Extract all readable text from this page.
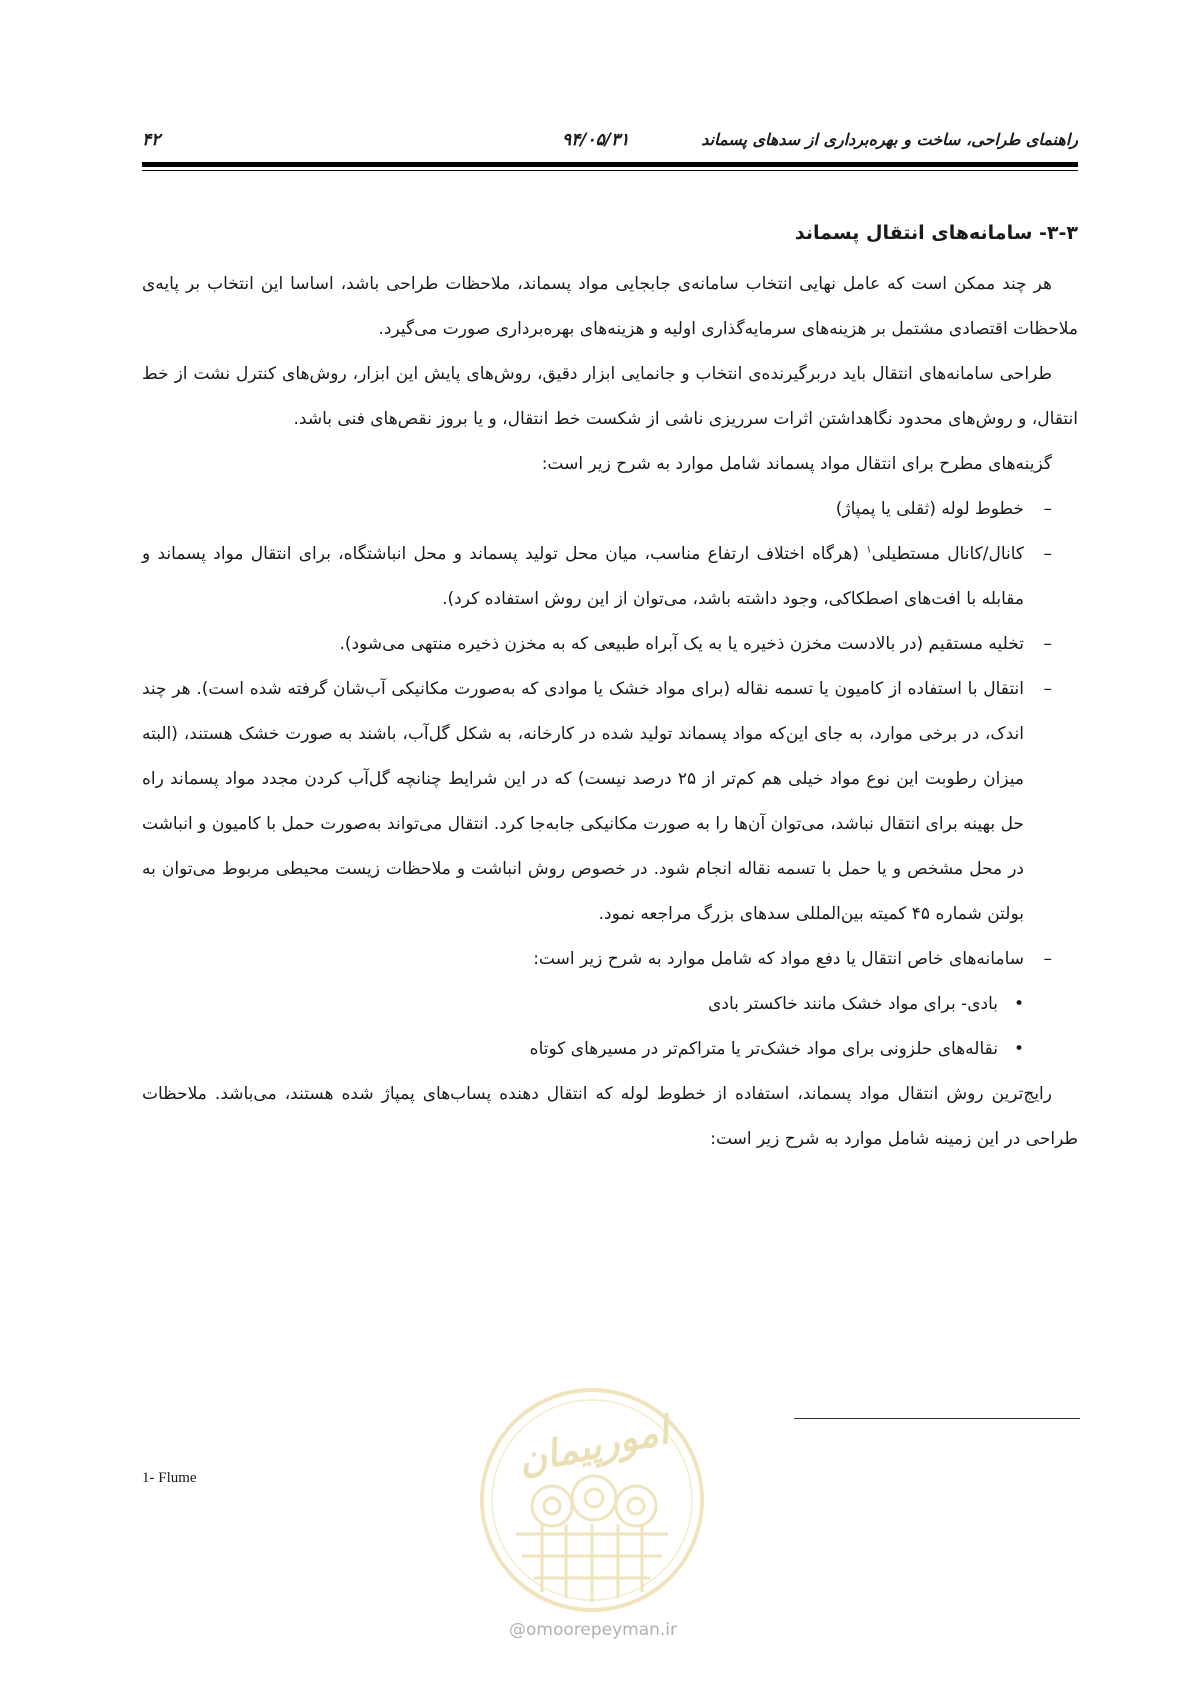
۴۲	۹۴/۰۵/۳۱	راهنمای طراحی، ساخت و بهره‌برداری از سدهای پسماند
۳-۳- سامانه‌های انتقال پسماند

هر چند ممکن است که عامل نهایی انتخاب سامانه‌ی جابجایی مواد پسماند، ملاحظات طراحی باشد، اساسا این انتخاب بر پایه‌ی ملاحظات اقتصادی مشتمل بر هزینه‌های سرمایه‌گذاری اولیه و هزینه‌های بهره‌برداری صورت می‌گیرد.

طراحی سامانه‌های انتقال باید دربرگیرنده‌ی انتخاب و جانمایی ابزار دقیق، روش‌های پایش این ابزار، روش‌های کنترل نشت از خط انتقال، و روش‌های محدود نگاهداشتن اثرات سرریزی ناشی از شکست خط انتقال، و یا بروز نقص‌های فنی باشد.

گزینه‌های مطرح برای انتقال مواد پسماند شامل موارد به شرح زیر است:

–
خطوط لوله (ثقلی یا پمپاژ)
–
کانال/کانال مستطیلی$^۱$ (هرگاه اختلاف ارتفاع مناسب، میان محل تولید پسماند و محل انباشتگاه، برای انتقال مواد پسماند و مقابله با افت‌های اصطکاکی، وجود داشته باشد، می‌توان از این روش استفاده کرد).
–
تخلیه مستقیم (در بالادست مخزن ذخیره یا به یک آبراه طبیعی که به مخزن ذخیره منتهی می‌شود).
–
انتقال با استفاده از کامیون یا تسمه نقاله (برای مواد خشک یا موادی که به‌صورت مکانیکی آب‌شان گرفته شده است). هر چند اندک، در برخی موارد، به جای این‌که مواد پسماند تولید شده در کارخانه، به شکل گل‌آب، باشند به صورت خشک هستند، (البته میزان رطوبت این نوع مواد خیلی هم کم‌تر از ۲۵ درصد نیست) که در این شرایط چنانچه گل‌آب کردن مجدد مواد پسماند راه حل بهینه برای انتقال نباشد، می‌توان آن‌ها را به صورت مکانیکی جابه‌جا کرد. انتقال می‌تواند به‌صورت حمل با کامیون و انباشت در محل مشخص و یا حمل با تسمه نقاله انجام شود. در خصوص روش انباشت و ملاحظات زیست محیطی مربوط می‌توان به بولتن شماره ۴۵ کمیته بین‌المللی سدهای بزرگ مراجعه نمود.
–
سامانه‌های خاص انتقال یا دفع مواد که شامل موارد به شرح زیر است:
•
بادی- برای مواد خشک مانند خاکستر بادی
•
نقاله‌های حلزونی برای مواد خشک‌تر یا متراکم‌تر در مسیرهای کوتاه

رایج‌ترین روش انتقال مواد پسماند، استفاده از خطوط لوله که انتقال دهنده پساب‌های پمپاژ شده هستند، می‌باشد. ملاحظات طراحی در این زمینه شامل موارد به شرح زیر است:

1- Flume	امورپیمان
@omoorepeyman.ir
